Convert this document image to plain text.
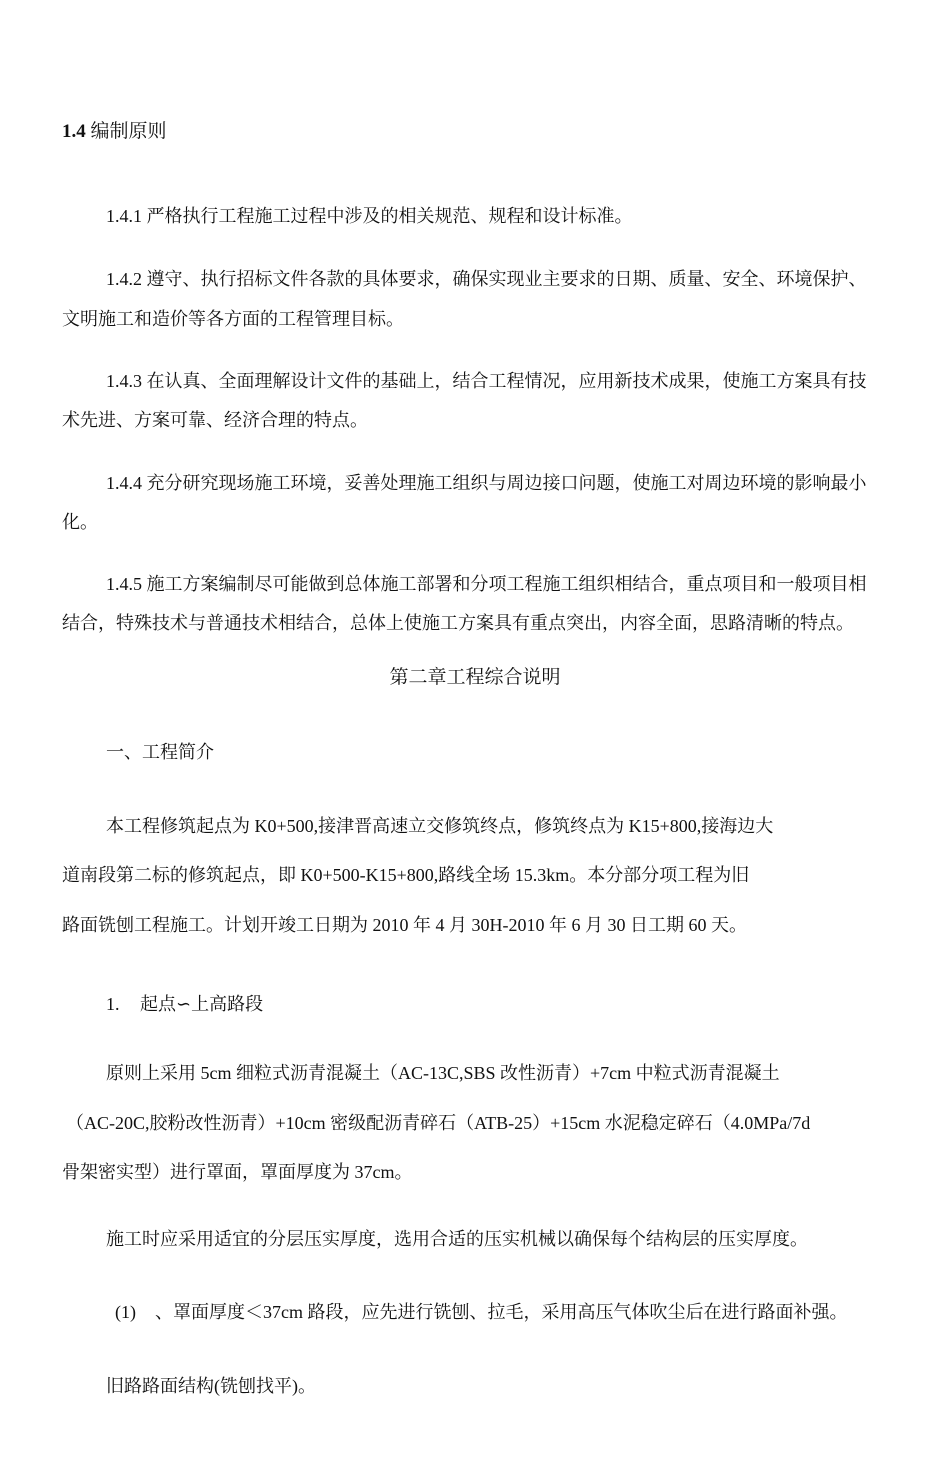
1.4 编制原则
1.4.1 严格执行工程施工过程中涉及的相关规范、规程和设计标准。
1.4.2 遵守、执行招标文件各款的具体要求，确保实现业主要求的日期、质量、安全、环境保护、
文明施工和造价等各方面的工程管理目标。
1.4.3 在认真、全面理解设计文件的基础上，结合工程情况，应用新技术成果，使施工方案具有技
术先进、方案可靠、经济合理的特点。
1.4.4 充分研究现场施工环境，妥善处理施工组织与周边接口问题，使施工对周边环境的影响最小
化。
1.4.5 施工方案编制尽可能做到总体施工部署和分项工程施工组织相结合，重点项目和一般项目相
结合，特殊技术与普通技术相结合，总体上使施工方案具有重点突出，内容全面，思路清晰的特点。
第二章工程综合说明
一、工程简介
本工程修筑起点为 K0+500,接津晋高速立交修筑终点，修筑终点为 K15+800,接海边大
道南段第二标的修筑起点，即 K0+500-K15+800,路线全场 15.3km。本分部分项工程为旧
路面铣刨工程施工。计划开竣工日期为 2010 年 4 月 30H-2010 年 6 月 30 日工期 60 天。
1. 起点∽上高路段
原则上采用 5cm 细粒式沥青混凝土（AC-13C,SBS 改性沥青）+7cm 中粒式沥青混凝土
（AC-20C,胶粉改性沥青）+10cm 密级配沥青碎石（ATB-25）+15cm 水泥稳定碎石（4.0MPa/7d
骨架密实型）进行罩面，罩面厚度为 37cm。
施工时应采用适宜的分层压实厚度，选用合适的压实机械以确保每个结构层的压实厚度。
(1) 、罩面厚度＜37cm 路段，应先进行铣刨、拉毛，采用高压气体吹尘后在进行路面补强。
旧路路面结构(铣刨找平)。
